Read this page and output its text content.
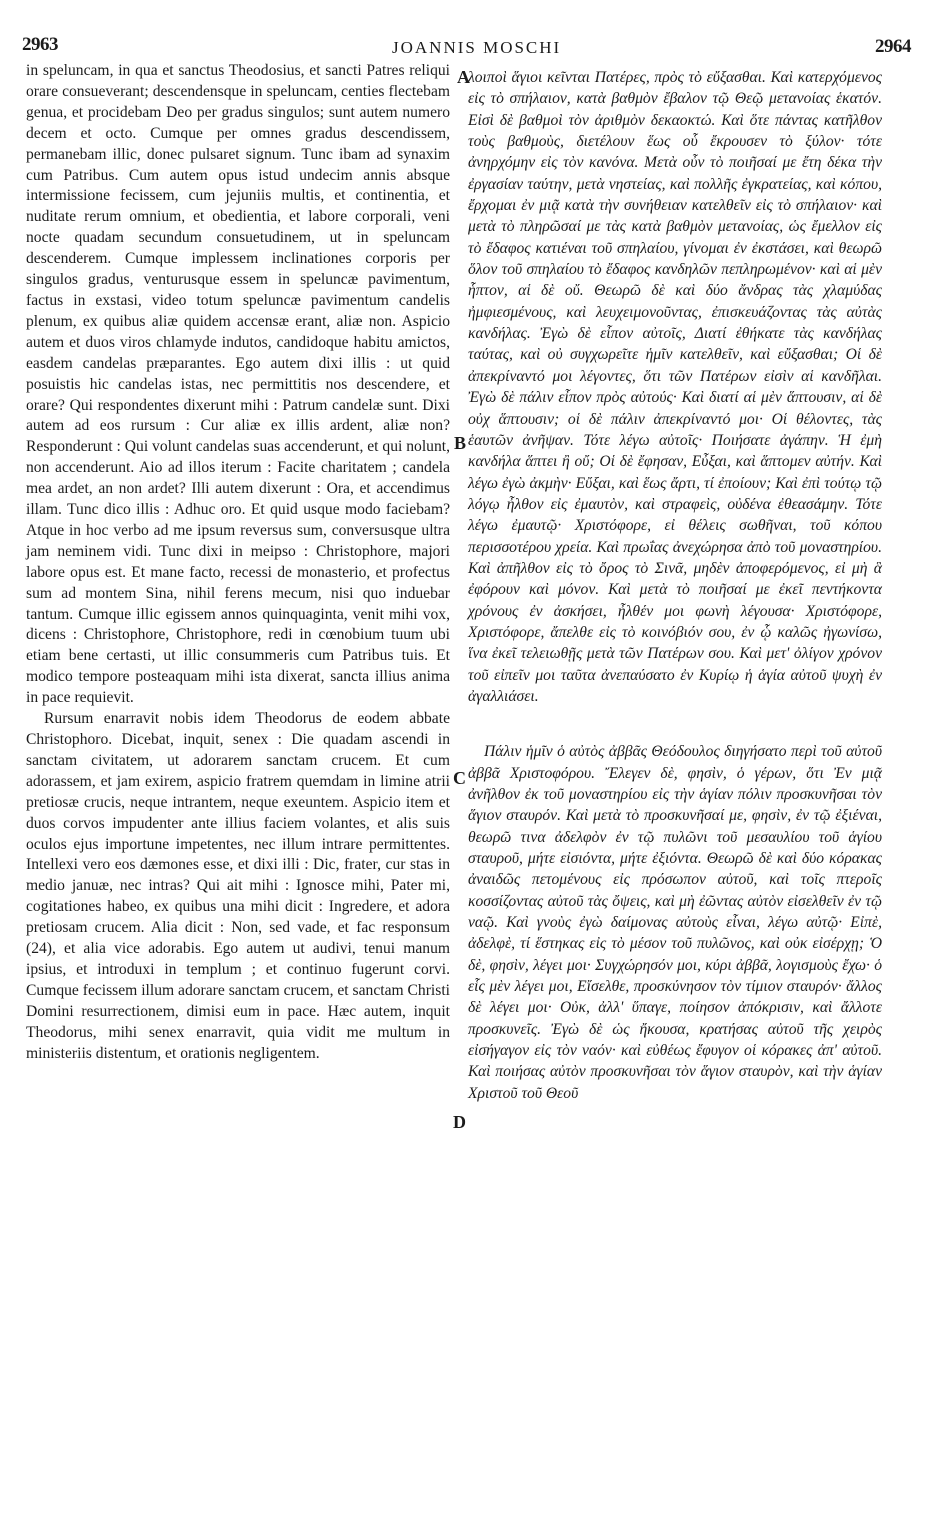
2963	JOANNIS MOSCHI	2964

in speluncam, in qua et sanctus Theodosius, et sancti Patres reliqui orare consueverant; descendensque in speluncam, centies flectebam genua, et procidebam Deo per gradus singulos; sunt autem numero decem et octo. Cumque per omnes gradus descendissem, permanebam illic, donec pulsaret signum. Tunc ibam ad synaxim cum Patribus. Cum autem opus istud undecim annis absque intermissione fecissem, cum jejuniis multis, et continentia, et nuditate rerum omnium, et obedientia, et labore corporali, veni nocte quadam secundum consuetudinem, ut in speluncam descenderem. Cumque implessem inclinationes corporis per singulos gradus, venturusque essem in speluncæ pavimentum, factus in exstasi, video totum speluncæ pavimentum candelis plenum, ex quibus aliæ quidem accensæ erant, aliæ non. Aspicio autem et duos viros chlamyde indutos, candidoque habitu amictos, easdem candelas præparantes. Ego autem dixi illis : ut quid posuistis hic candelas istas, nec permittitis nos descendere, et orare? Qui respondentes dixerunt mihi : Patrum candelæ sunt. Dixi autem ad eos rursum : Cur aliæ ex illis ardent, aliæ non? Responderunt : Qui volunt candelas suas accenderunt, et qui nolunt, non accenderunt. Aio ad illos iterum : Facite charitatem ; candela mea ardet, an non ardet? Illi autem dixerunt : Ora, et accendimus illam. Tunc dico illis : Adhuc oro. Et quid usque modo faciebam? Atque in hoc verbo ad me ipsum reversus sum, conversusque ultra jam neminem vidi. Tunc dixi in meipso : Christophore, majori labore opus est. Et mane facto, recessi de monasterio, et profectus sum ad montem Sina, nihil ferens mecum, nisi quo induebar tantum. Cumque illic egissem annos quinquaginta, venit mihi vox, dicens : Christophore, Christophore, redi in cœnobium tuum ubi etiam bene certasti, ut illic consummeris cum Patribus tuis. Et modico tempore posteaquam mihi ista dixerat, sancta illius anima in pace requievit.

Rursum enarravit nobis idem Theodorus de eodem abbate Christophoro. Dicebat, inquit, senex : Die quadam ascendi in sanctam civitatem, ut adorarem sanctam crucem. Et cum adorassem, et jam exirem, aspicio fratrem quemdam in limine atrii pretiosæ crucis, neque intrantem, neque exeuntem. Aspicio item et duos corvos impudenter ante illius faciem volantes, et alis suis oculos ejus importune impetentes, nec illum intrare permittentes. Intellexi vero eos dæmones esse, et dixi illi : Dic, frater, cur stas in medio januæ, nec intras? Qui ait mihi : Ignosce mihi, Pater mi, cogitationes habeo, ex quibus una mihi dicit : Ingredere, et adora pretiosam crucem. Alia dicit : Non, sed vade, et fac responsum (24), et alia vice adorabis. Ego autem ut audivi, tenui manum ipsius, et introduxi in templum ; et continuo fugerunt corvi. Cumque fecissem illum adorare sanctam crucem, et sanctam Christi Domini resurrectionem, dimisi eum in pace. Hæc autem, inquit Theodorus, mihi senex enarravit, quia vidit me multum in ministeriis distentum, et orationis negligentem.

A
B
C
D

λοιποὶ ἅγιοι κεῖνται Πατέρες, πρὸς τὸ εὔξασθαι. Καὶ κατερχόμενος εἰς τὸ σπήλαιον, κατὰ βαθμὸν ἔβαλον τῷ Θεῷ μετανοίας ἑκατόν. Εἰσὶ δὲ βαθμοὶ τὸν ἀριθμὸν δεκαοκτώ. Καὶ ὅτε πάντας κατῆλθον τοὺς βαθμοὺς, διετέλουν ἕως οὗ ἔκρουσεν τὸ ξύλον· τότε ἀνηρχόμην εἰς τὸν κανόνα. Μετὰ οὖν τὸ ποιῆσαί με ἔτη δέκα τὴν ἐργασίαν ταύτην, μετὰ νηστείας, καὶ πολλῆς ἐγκρατείας, καὶ κόπου, ἔρχομαι ἐν μιᾷ κατὰ τὴν συνήθειαν κατελθεῖν εἰς τὸ σπήλαιον· καὶ μετὰ τὸ πληρῶσαί με τὰς κατὰ βαθμὸν μετανοίας, ὡς ἔμελλον εἰς τὸ ἔδαφος κατιέναι τοῦ σπηλαίου, γίνομαι ἐν ἐκστάσει, καὶ θεωρῶ ὅλον τοῦ σπηλαίου τὸ ἔδαφος κανδηλῶν πεπληρωμένον· καὶ αἱ μὲν ἧπτον, αἱ δὲ οὔ. Θεωρῶ δὲ καὶ δύο ἄνδρας τὰς χλαμύδας ἠμφιεσμένους, καὶ λευχειμονοῦντας, ἐπισκευάζοντας τὰς αὐτὰς κανδήλας. Ἐγὼ δὲ εἶπον αὐτοῖς, Διατί ἐθήκατε τὰς κανδήλας ταύτας, καὶ οὐ συγχωρεῖτε ἡμῖν κατελθεῖν, καὶ εὔξασθαι; Οἱ δὲ ἀπεκρίναντό μοι λέγοντες, ὅτι τῶν Πατέρων εἰσὶν αἱ κανδῆλαι. Ἐγὼ δὲ πάλιν εἶπον πρὸς αὐτούς· Καὶ διατί αἱ μὲν ἅπτουσιν, αἱ δὲ οὐχ ἅπτουσιν; οἱ δὲ πάλιν ἀπεκρίναντό μοι· Οἱ θέλοντες, τὰς ἑαυτῶν ἀνῆψαν. Τότε λέγω αὐτοῖς· Ποιήσατε ἀγάπην. Ἡ ἐμὴ κανδήλα ἅπτει ἢ οὔ; Οἱ δὲ ἔφησαν, Εὖξαι, καὶ ἅπτομεν αὐτήν. Καὶ λέγω ἐγὼ ἀκμὴν· Εὔξαι, καὶ ἕως ἄρτι, τί ἐποίουν; Καὶ ἐπὶ τούτῳ τῷ λόγῳ ἦλθον εἰς ἐμαυτὸν, καὶ στραφεὶς, οὐδένα ἐθεασάμην. Τότε λέγω ἐμαυτῷ· Χριστόφορε, εἰ θέλεις σωθῆναι, τοῦ κόπου περισσοτέρου χρεία. Καὶ πρωΐας ἀνεχώρησα ἀπὸ τοῦ μοναστηρίου. Καὶ ἀπῆλθον εἰς τὸ ὄρος τὸ Σινᾶ, μηδὲν ἀποφερόμενος, εἰ μὴ ἃ ἐφόρουν καὶ μόνον. Καὶ μετὰ τὸ ποιῆσαί με ἐκεῖ πεντήκοντα χρόνους ἐν ἀσκήσει, ἦλθέν μοι φωνὴ λέγουσα· Χριστόφορε, Χριστόφορε, ἄπελθε εἰς τὸ κοινόβιόν σου, ἐν ᾧ καλῶς ἠγωνίσω, ἵνα ἐκεῖ τελειωθῇς μετὰ τῶν Πατέρων σου. Καὶ μετ' ὀλίγον χρόνον τοῦ εἰπεῖν μοι ταῦτα ἀνεπαύσατο ἐν Κυρίῳ ἡ ἁγία αὐτοῦ ψυχὴ ἐν ἀγαλλιάσει.

Πάλιν ἡμῖν ὁ αὐτὸς ἀββᾶς Θεόδουλος διηγήσατο περὶ τοῦ αὐτοῦ ἀββᾶ Χριστοφόρου. Ἔλεγεν δὲ, φησὶν, ὁ γέρων, ὅτι Ἐν μιᾷ ἀνῆλθον ἐκ τοῦ μοναστηρίου εἰς τὴν ἁγίαν πόλιν προσκυνῆσαι τὸν ἅγιον σταυρόν. Καὶ μετὰ τὸ προσκυνῆσαί με, φησὶν, ἐν τῷ ἐξιέναι, θεωρῶ τινα ἀδελφὸν ἐν τῷ πυλῶνι τοῦ μεσαυλίου τοῦ ἁγίου σταυροῦ, μήτε εἰσιόντα, μήτε ἐξιόντα. Θεωρῶ δὲ καὶ δύο κόρακας ἀναιδῶς πετομένους εἰς πρόσωπον αὐτοῦ, καὶ τοῖς πτεροῖς κοσσίζοντας αὐτοῦ τὰς ὄψεις, καὶ μὴ ἐῶντας αὐτὸν εἰσελθεῖν ἐν τῷ ναῷ. Καὶ γνοὺς ἐγὼ δαίμονας αὐτοὺς εἶναι, λέγω αὐτῷ· Εἰπὲ, ἀδελφὲ, τί ἕστηκας εἰς τὸ μέσον τοῦ πυλῶνος, καὶ οὐκ εἰσέρχῃ; Ὁ δὲ, φησὶν, λέγει μοι· Συγχώρησόν μοι, κύρι ἀββᾶ, λογισμοὺς ἔχω· ὁ εἷς μὲν λέγει μοι, Εἴσελθε, προσκύνησον τὸν τίμιον σταυρόν· ἄλλος δὲ λέγει μοι· Οὐκ, ἀλλ' ὕπαγε, ποίησον ἀπόκρισιν, καὶ ἄλλοτε προσκυνεῖς. Ἐγὼ δὲ ὡς ἤκουσα, κρατήσας αὐτοῦ τῆς χειρὸς εἰσήγαγον εἰς τὸν ναόν· καὶ εὐθέως ἔφυγον οἱ κόρακες ἀπ' αὐτοῦ. Καὶ ποιήσας αὐτὸν προσκυνῆσαι τὸν ἅγιον σταυρὸν, καὶ τὴν ἁγίαν Χριστοῦ τοῦ Θεοῦ
